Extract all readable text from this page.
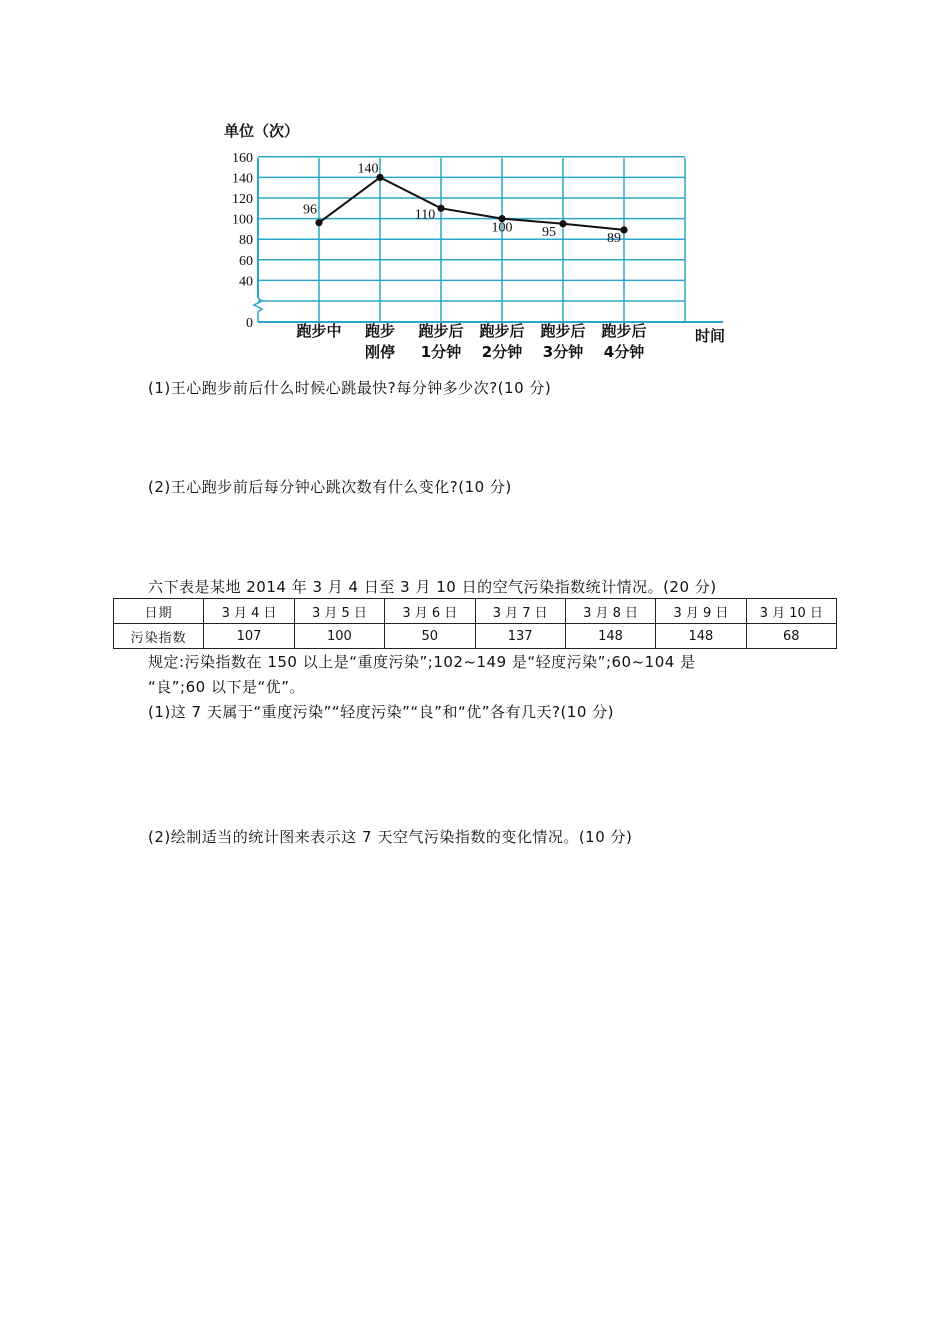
160
140
120
100
80
60
40
0
单位（次）
时间
跑步中 跑步
刚停
跑步后
1分钟
跑步后
2分钟
跑步后
3分钟
跑步后
4分钟
96
140
110
100 95	89
(1)王心跑步前后什么时候心跳最快?每分钟多少次?(10 分)
(2)王心跑步前后每分钟心跳次数有什么变化?(10 分)
六下表是某地 2014 年 3 月 4 日至 3 月 10 日的空气污染指数统计情况。(20 分)
日期	3 月 4 日	3 月 5 日	3 月 6 日	3 月 7 日	3 月 8 日	3 月 9 日	3 月 10 日
污染指数	107	100	50	137	148	148	68
规定:污染指数在 150 以上是“重度污染”;102~149 是“轻度污染”;60~104 是
“良”;60 以下是“优”。
(1)这 7 天属于“重度污染”“轻度污染”“良”和“优”各有几天?(10 分)
(2)绘制适当的统计图来表示这 7 天空气污染指数的变化情况。(10 分)
